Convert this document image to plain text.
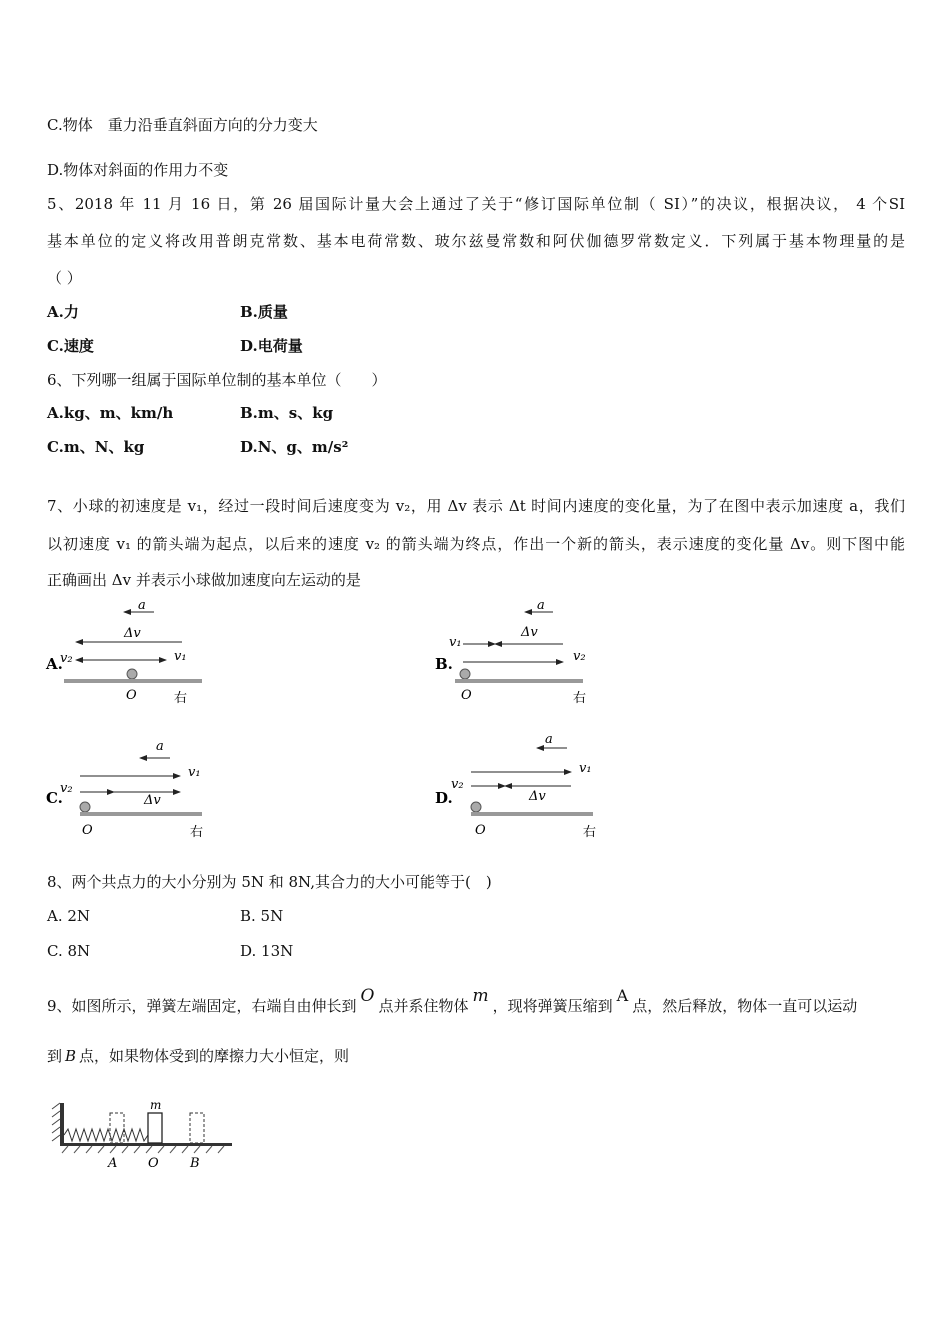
C.物体　重力沿垂直斜面方向的分力变大
D.物体对斜面的作用力不变
5、2018 年 11 月 16 日，第 26 届国际计量大会上通过了关于“修订国际单位制（ SI）”的决议，根据决议， 4 个SI
基本单位的定义将改用普朗克常数、基本电荷常数、玻尔兹曼常数和阿伏伽德罗常数定义．下列属于基本物理量的是
（ ）
A.力	B.质量
C.速度	D.电荷量
6、下列哪一组属于国际单位制的基本单位（　　）
A.kg、m、km/h	B.m、s、kg
C.m、N、kg	D.N、g、m/s²
7、小球的初速度是 v₁，经过一段时间后速度变为 v₂，用 Δv 表示 Δt 时间内速度的变化量，为了在图中表示加速度 a，我们
以初速度 v₁ 的箭头端为起点，以后来的速度 v₂ 的箭头端为终点，作出一个新的箭头，表示速度的变化量 Δv。则下图中能
正确画出 Δv 并表示小球做加速度向左运动的是
A.
a
Δv
v₂	v₁
O	右
B.
a
v₁
Δv
v₂
O	右
C.
a
v₁
v₂
Δv
O	右
D.
a
v₁
v₂
Δv
O	右
8、两个共点力的大小分别为 5N 和 8N,其合力的大小可能等于(　)
A. 2N	B. 5N
C. 8N	D. 13N
9、如图所示，弹簧左端固定，右端自由伸长到 O 点并系住物体 m ，现将弹簧压缩到A点，然后释放，物体一直可以运动
到 B 点，如果物体受到的摩擦力大小恒定，则
m
A O B
